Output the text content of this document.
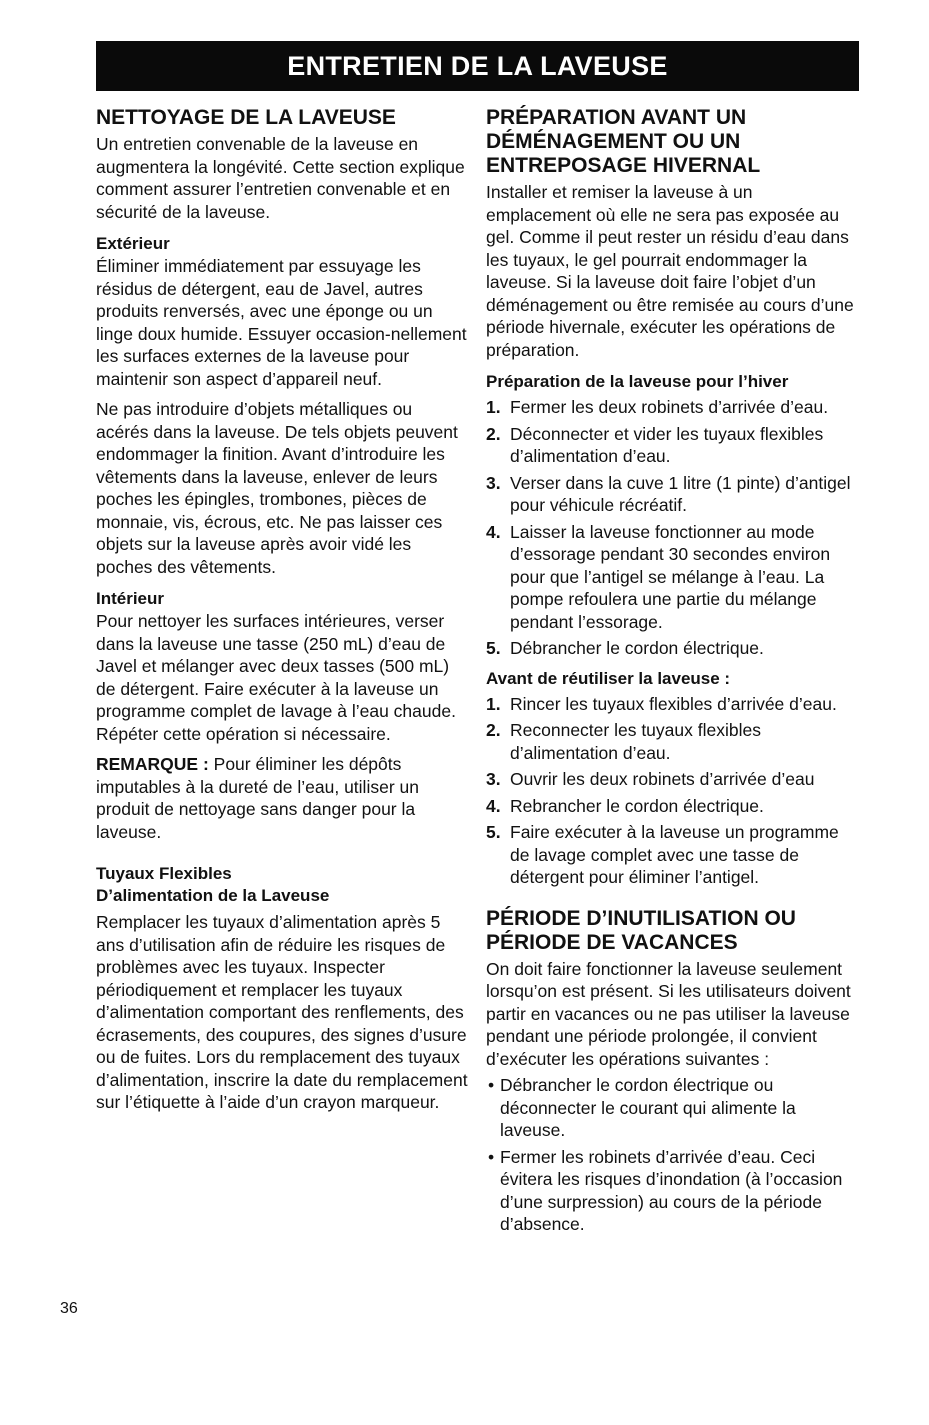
ENTRETIEN DE LA LAVEUSE
NETTOYAGE DE LA LAVEUSE

Un entretien convenable de la laveuse en augmentera la longévité. Cette section explique comment assurer l’entretien convenable et en sécurité de la laveuse.

Extérieur

Éliminer immédiatement par essuyage les résidus de détergent, eau de Javel, autres produits renversés, avec une éponge ou un linge doux humide. Essuyer occasion-nellement les surfaces externes de la laveuse pour maintenir son aspect d’appareil neuf.

Ne pas introduire d’objets métalliques ou acérés dans la laveuse. De tels objets peuvent endommager la finition. Avant d’introduire les vêtements dans la laveuse, enlever de leurs poches les épingles, trombones, pièces de monnaie, vis, écrous, etc. Ne pas laisser ces objets sur la laveuse après avoir vidé les poches des vêtements.

Intérieur

Pour nettoyer les surfaces intérieures, verser dans la laveuse une tasse (250 mL) d’eau de Javel et mélanger avec deux tasses (500 mL) de détergent. Faire exécuter à la laveuse un programme complet de lavage à l’eau chaude. Répéter cette opération si nécessaire.

REMARQUE : Pour éliminer les dépôts imputables à la dureté de l’eau, utiliser un produit de nettoyage sans danger pour la laveuse.

Tuyaux Flexibles
D’alimentation de la Laveuse

Remplacer les tuyaux d’alimentation après 5 ans d’utilisation afin de réduire les risques de problèmes avec les tuyaux. Inspecter périodiquement et remplacer les tuyaux d’alimentation comportant des renflements, des écrasements, des coupures, des signes d’usure ou de fuites. Lors du remplacement des tuyaux d’alimentation, inscrire la date du remplacement sur l’étiquette à l’aide d’un crayon marqueur.

PRÉPARATION AVANT UN DÉMÉNAGEMENT OU UN ENTREPOSAGE HIVERNAL

Installer et remiser la laveuse à un emplacement où elle ne sera pas exposée au gel. Comme il peut rester un résidu d’eau dans les tuyaux, le gel pourrait endommager la laveuse. Si la laveuse doit faire l’objet d’un déménagement ou être remisée au cours d’une période hivernale, exécuter les opérations de préparation.

Préparation de la laveuse pour l’hiver
1. Fermer les deux robinets d’arrivée d’eau.
2. Déconnecter et vider les tuyaux flexibles d’alimentation d’eau.
3. Verser dans la cuve 1 litre (1 pinte) d’antigel pour véhicule récréatif.
4. Laisser la laveuse fonctionner au mode d’essorage pendant 30 secondes environ pour que l’antigel se mélange à l’eau. La pompe refoulera une partie du mélange pendant l’essorage.
5. Débrancher le cordon électrique.
Avant de réutiliser la laveuse :
1. Rincer les tuyaux flexibles d’arrivée d’eau.
2. Reconnecter les tuyaux flexibles d’alimentation d’eau.
3. Ouvrir les deux robinets d’arrivée d’eau
4. Rebrancher le cordon électrique.
5. Faire exécuter à la laveuse un programme de lavage complet avec une tasse de détergent pour éliminer l’antigel.
PÉRIODE D’INUTILISATION OU PÉRIODE DE VACANCES

On doit faire fonctionner la laveuse seulement lorsqu’on est présent. Si les utilisateurs doivent partir en vacances ou ne pas utiliser la laveuse pendant une période prolongée, il convient d’exécuter les opérations suivantes :

• Débrancher le cordon électrique ou déconnecter le courant qui alimente la laveuse.
• Fermer les robinets d’arrivée d’eau. Ceci évitera les risques d’inondation (à l’occasion d’une surpression) au cours de la période d’absence.
36
